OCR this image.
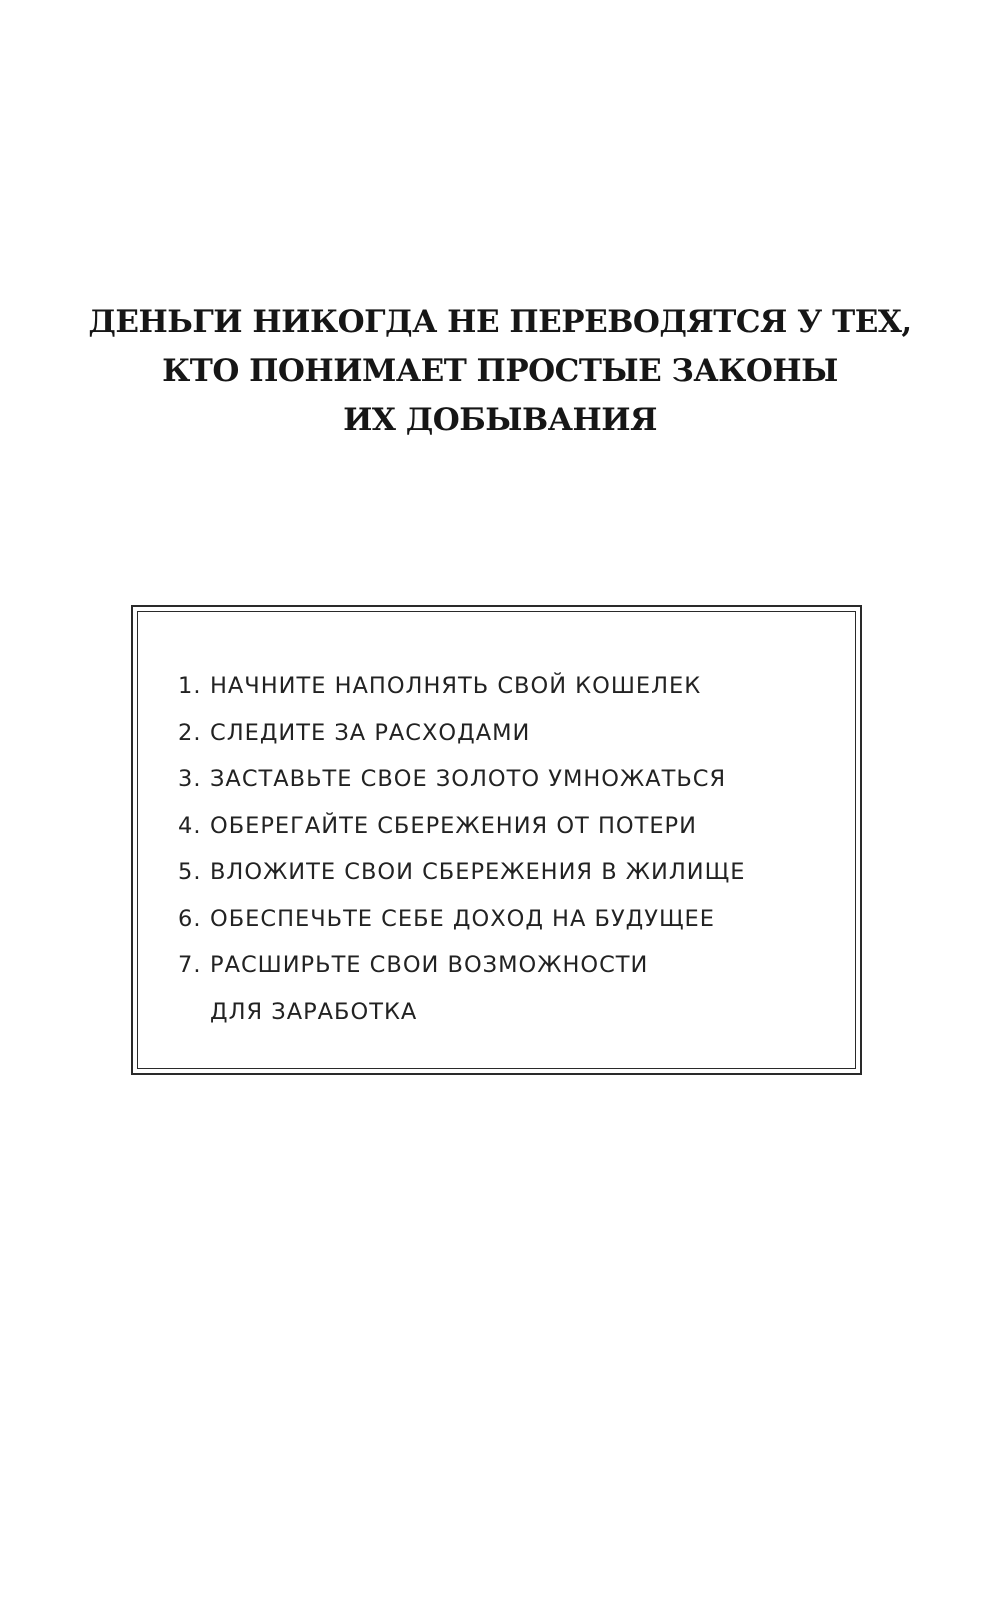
ДЕНЬГИ НИКОГДА НЕ ПЕРЕВОДЯТСЯ У ТЕХ,
КТО ПОНИМАЕТ ПРОСТЫЕ ЗАКОНЫ
ИХ ДОБЫВАНИЯ
1. НАЧНИТЕ НАПОЛНЯТЬ СВОЙ КОШЕЛЕК
2. СЛЕДИТЕ ЗА РАСХОДАМИ
3. ЗАСТАВЬТЕ СВОЕ ЗОЛОТО УМНОЖАТЬСЯ
4. ОБЕРЕГАЙТЕ СБЕРЕЖЕНИЯ ОТ ПОТЕРИ
5. ВЛОЖИТЕ СВОИ СБЕРЕЖЕНИЯ В ЖИЛИЩЕ
6. ОБЕСПЕЧЬТЕ СЕБЕ ДОХОД НА БУДУЩЕЕ
7. РАСШИРЬТЕ СВОИ ВОЗМОЖНОСТИ
ДЛЯ ЗАРАБОТКА
